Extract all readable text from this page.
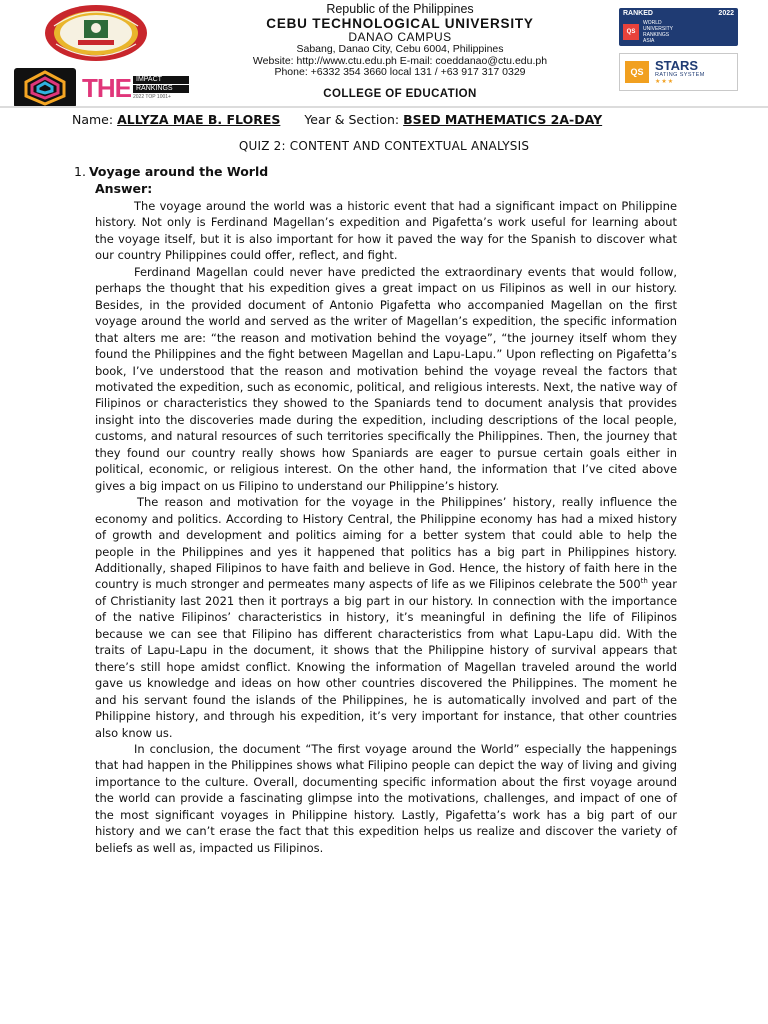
THE IMPACT
RANKINGS
2022 TOP 1001+
Republic of the Philippines
CEBU TECHNOLOGICAL UNIVERSITY
DANAO CAMPUS
Sabang, Danao City, Cebu 6004, Philippines
Website: http://www.ctu.edu.ph E-mail: coeddanao@ctu.edu.ph
Phone: +6332 354 3660 local 131 / +63 917 317 0329
COLLEGE OF EDUCATION
RANKED	2022
QS
WORLD
UNIVERSITY
RANKINGS
ASIA
QS STARS
RATING SYSTEM
★★★
Name: ALLYZA MAE B. FLORES Year & Section: BSED MATHEMATICS 2A-DAY
QUIZ 2: CONTENT AND CONTEXTUAL ANALYSIS
1. Voyage around the World
Answer:

The voyage around the world was a historic event that had a significant impact on Philippine history. Not only is Ferdinand Magellan’s expedition and Pigafetta’s work useful for learning about the voyage itself, but it is also important for how it paved the way for the Spanish to discover what our country Philippines could offer, reflect, and fight.

Ferdinand Magellan could never have predicted the extraordinary events that would follow, perhaps the thought that his expedition gives a great impact on us Filipinos as well in our history. Besides, in the provided document of Antonio Pigafetta who accompanied Magellan on the first voyage around the world and served as the writer of Magellan’s expedition, the specific information that alters me are: “the reason and motivation behind the voyage”, “the journey itself whom they found the Philippines and the fight between Magellan and Lapu-Lapu.” Upon reflecting on Pigafetta’s book, I’ve understood that the reason and motivation behind the voyage reveal the factors that motivated the expedition, such as economic, political, and religious interests. Next, the native way of Filipinos or characteristics they showed to the Spaniards tend to document analysis that provides insight into the discoveries made during the expedition, including descriptions of the local people, customs, and natural resources of such territories specifically the Philippines. Then, the journey that they found our country really shows how Spaniards are eager to pursue certain goals either in political, economic, or religious interest. On the other hand, the information that I’ve cited above gives a big impact on us Filipino to understand our Philippine’s history.

The reason and motivation for the voyage in the Philippines’ history, really influence the economy and politics. According to History Central, the Philippine economy has had a mixed history of growth and development and politics aiming for a better system that could able to help the people in the Philippines and yes it happened that politics has a big part in Philippines history. Additionally, shaped Filipinos to have faith and believe in God. Hence, the history of faith here in the country is much stronger and permeates many aspects of life as we Filipinos celebrate the 500th year of Christianity last 2021 then it portrays a big part in our history. In connection with the importance of the native Filipinos’ characteristics in history, it’s meaningful in defining the life of Filipinos because we can see that Filipino has different characteristics from what Lapu-Lapu did. With the traits of Lapu-Lapu in the document, it shows that the Philippine history of survival appears that there’s still hope amidst conflict. Knowing the information of Magellan traveled around the world gave us knowledge and ideas on how other countries discovered the Philippines. The moment he and his servant found the islands of the Philippines, he is automatically involved and part of the Philippine history, and through his expedition, it’s very important for instance, that other countries also know us.

In conclusion, the document “The first voyage around the World” especially the happenings that had happen in the Philippines shows what Filipino people can depict the way of living and giving importance to the culture. Overall, documenting specific information about the first voyage around the world can provide a fascinating glimpse into the motivations, challenges, and impact of one of the most significant voyages in Philippine history. Lastly, Pigafetta’s work has a big part of our history and we can’t erase the fact that this expedition helps us realize and discover the variety of beliefs as well as, impacted us Filipinos.
